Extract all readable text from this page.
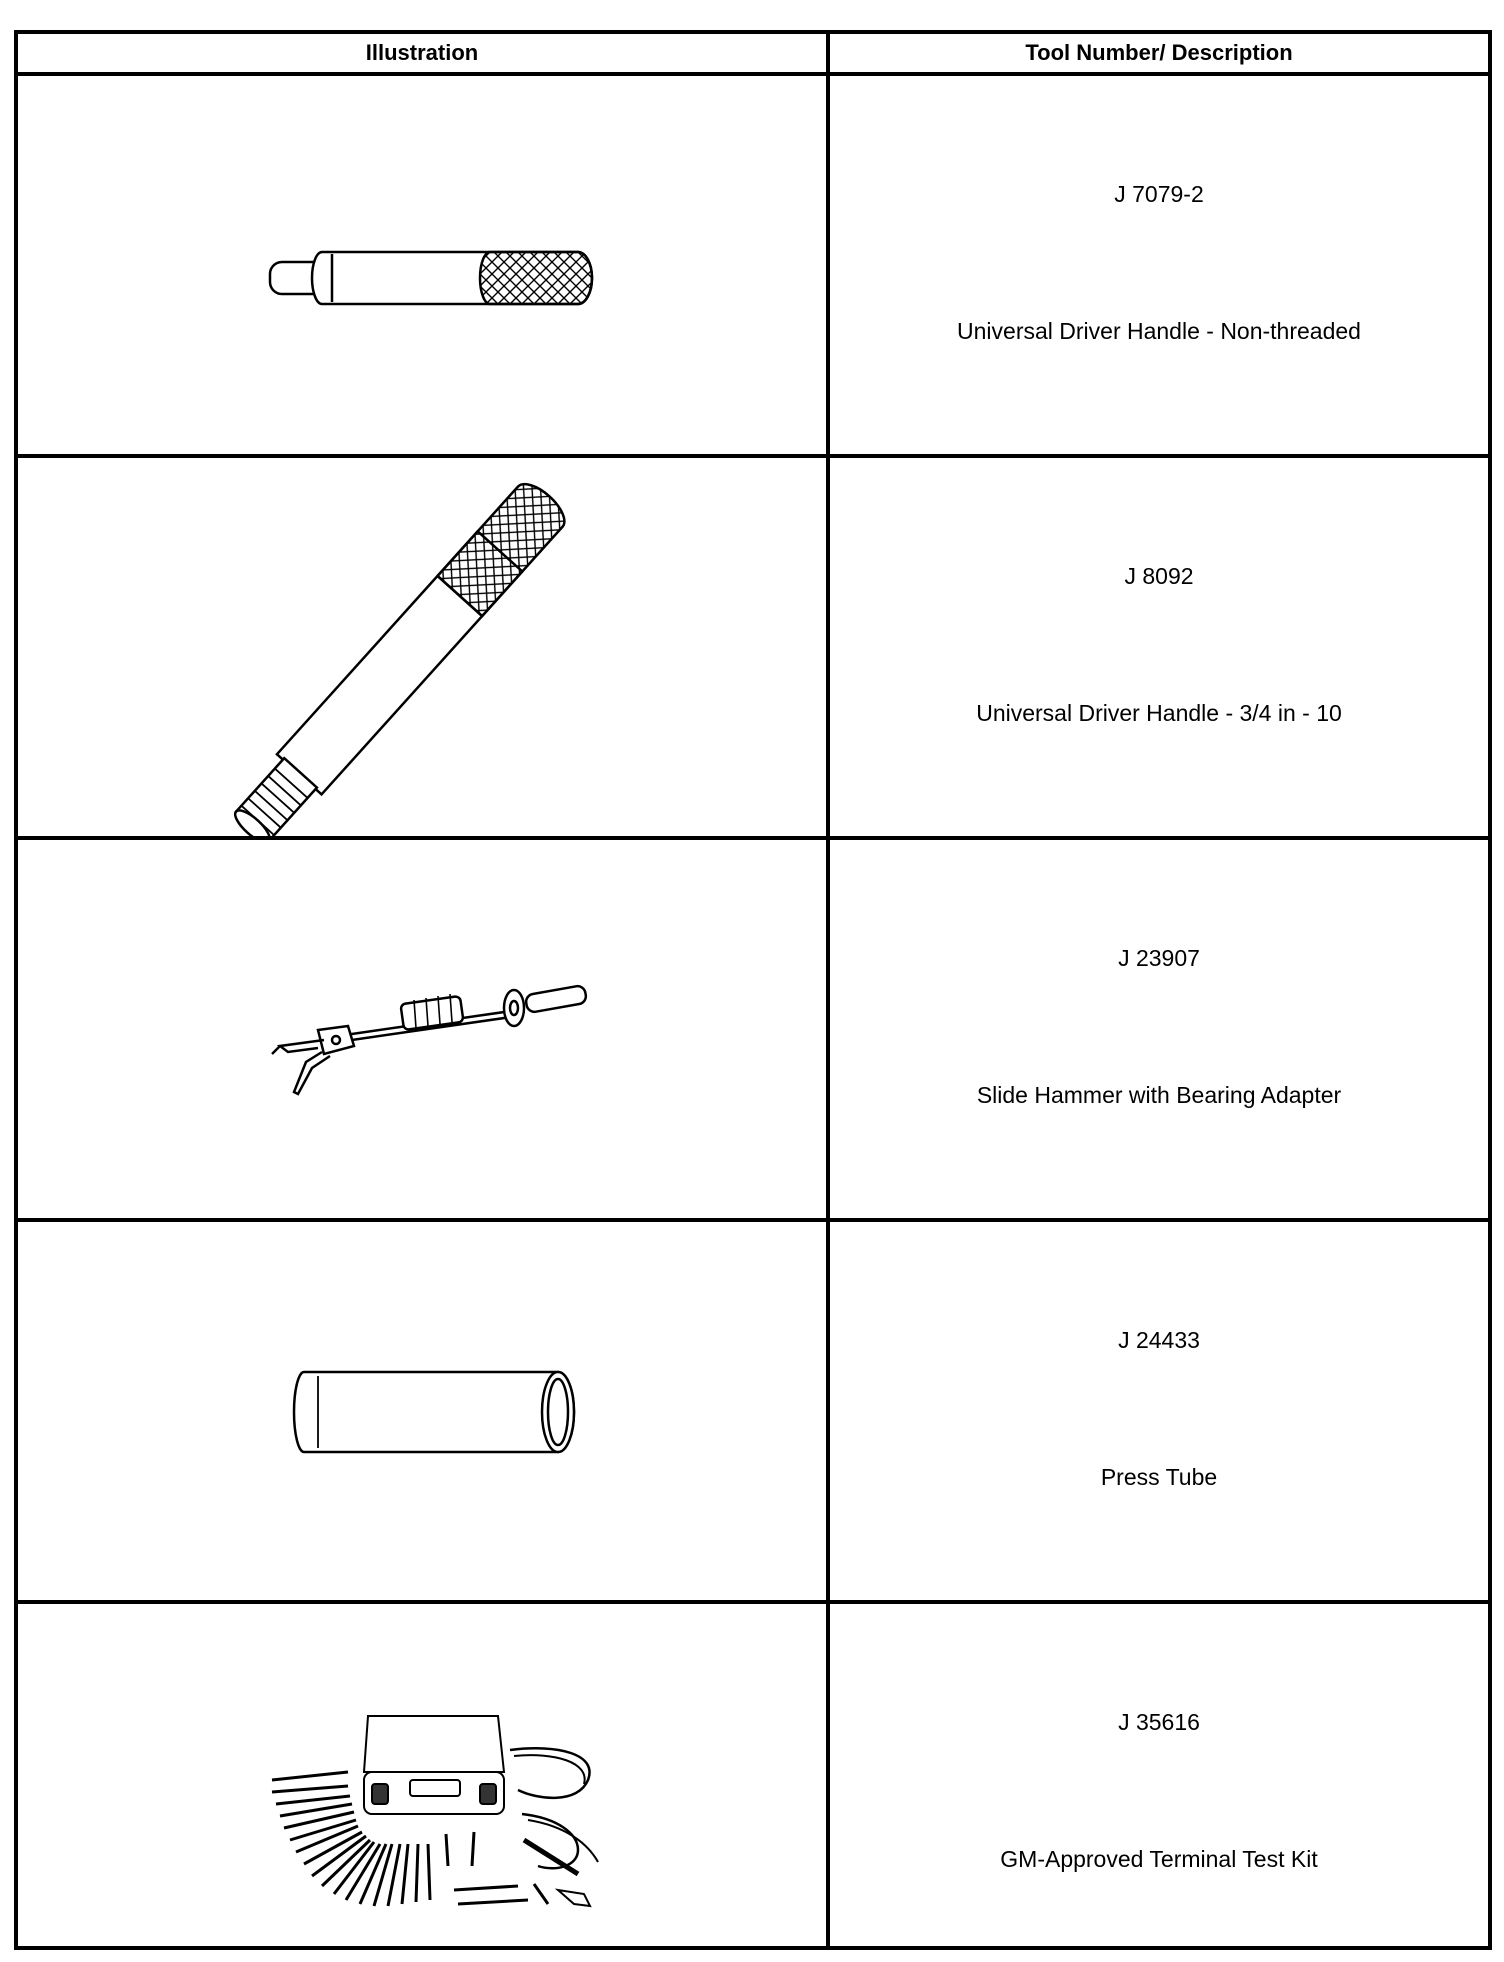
Illustration	Tool Number/ Description
J 7079-2
Universal Driver Handle - Non-threaded
J 8092
Universal Driver Handle - 3/4 in - 10
J 23907
Slide Hammer with Bearing Adapter
J 24433
Press Tube
J 35616
GM-Approved Terminal Test Kit
